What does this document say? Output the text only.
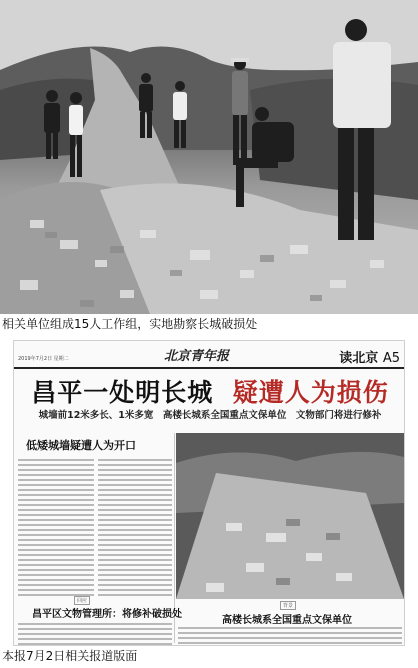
相关单位组成15人工作组，实地勘察长城破损处
2019年7月2日 星期二	北京青年报	读北京 A5
昌平一处明长城 疑遭人为损伤
城墙前12米多长、1米多宽　高楼长城系全国重点文保单位　文物部门将进行修补
低矮城墙疑遭人为开口
回应
昌平区文物管理所：将修补破损处
背景
高楼长城系全国重点文保单位
本报7月2日相关报道版面
